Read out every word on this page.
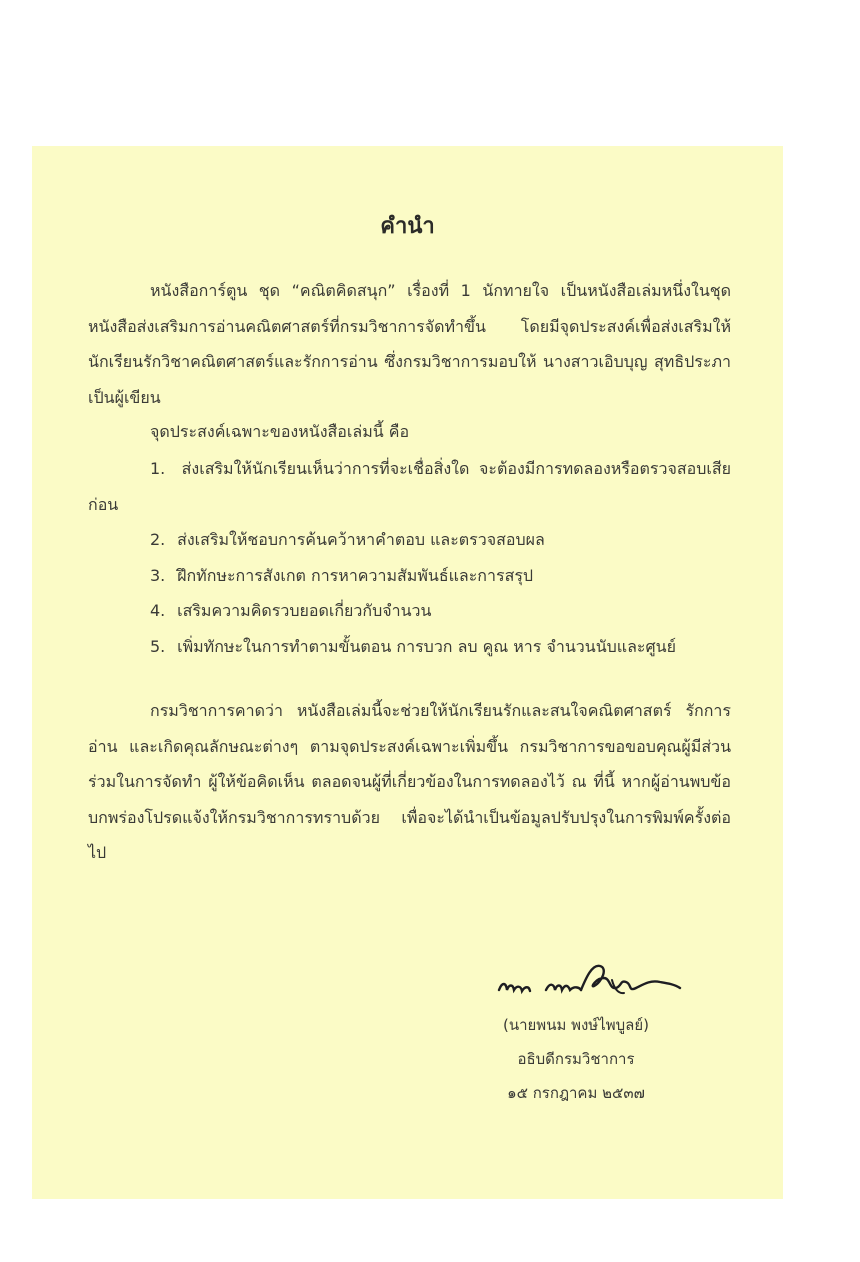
คำนำ

หนังสือการ์ตูน ชุด “คณิตคิดสนุก” เรื่องที่ 1 นักทายใจ เป็นหนังสือเล่มหนึ่งในชุดหนังสือส่งเสริมการอ่านคณิตศาสตร์ที่กรมวิชาการจัดทำขึ้น โดยมีจุดประสงค์เพื่อส่งเสริมให้นักเรียนรักวิชาคณิตศาสตร์และรักการอ่าน ซึ่งกรมวิชาการมอบให้ นางสาวเอิบบุญ สุทธิประภา เป็นผู้เขียน

จุดประสงค์เฉพาะของหนังสือเล่มนี้ คือ

1. ส่งเสริมให้นักเรียนเห็นว่าการที่จะเชื่อสิ่งใด จะต้องมีการทดลองหรือตรวจสอบเสียก่อน
2. ส่งเสริมให้ชอบการค้นคว้าหาคำตอบ และตรวจสอบผล
3. ฝึกทักษะการสังเกต การหาความสัมพันธ์และการสรุป
4. เสริมความคิดรวบยอดเกี่ยวกับจำนวน
5. เพิ่มทักษะในการทำตามขั้นตอน การบวก ลบ คูณ หาร จำนวนนับและศูนย์

กรมวิชาการคาดว่า หนังสือเล่มนี้จะช่วยให้นักเรียนรักและสนใจคณิตศาสตร์ รักการอ่าน และเกิดคุณลักษณะต่างๆ ตามจุดประสงค์เฉพาะเพิ่มขึ้น กรมวิชาการขอขอบคุณผู้มีส่วนร่วมในการจัดทำ ผู้ให้ข้อคิดเห็น ตลอดจนผู้ที่เกี่ยวข้องในการทดลองไว้ ณ ที่นี้ หากผู้อ่านพบข้อบกพร่องโปรดแจ้งให้กรมวิชาการทราบด้วย เพื่อจะได้นำเป็นข้อมูลปรับปรุงในการพิมพ์ครั้งต่อไป

(นายพนม พงษ์ไพบูลย์)
อธิบดีกรมวิชาการ
๑๕ กรกฎาคม ๒๕๓๗
